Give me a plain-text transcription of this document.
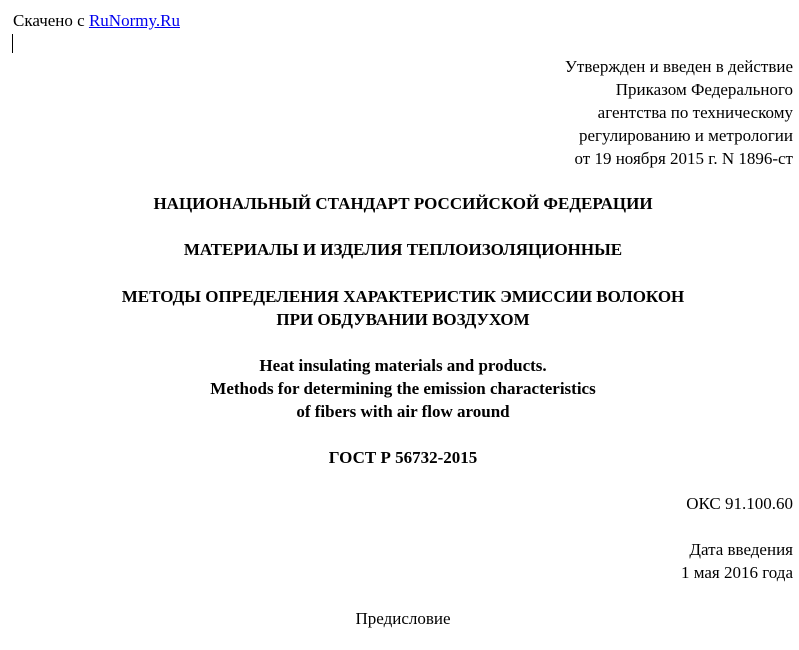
Скачено с RuNormy.Ru
Утвержден и введен в действие
Приказом Федерального
агентства по техническому
регулированию и метрологии
от 19 ноября 2015 г. N 1896-ст
НАЦИОНАЛЬНЫЙ СТАНДАРТ РОССИЙСКОЙ ФЕДЕРАЦИИ
МАТЕРИАЛЫ И ИЗДЕЛИЯ ТЕПЛОИЗОЛЯЦИОННЫЕ
МЕТОДЫ ОПРЕДЕЛЕНИЯ ХАРАКТЕРИСТИК ЭМИССИИ ВОЛОКОН
ПРИ ОБДУВАНИИ ВОЗДУХОМ
Heat insulating materials and products.
Methods for determining the emission characteristics
of fibers with air flow around
ГОСТ Р 56732-2015
ОКС 91.100.60
Дата введения
1 мая 2016 года
Предисловие
